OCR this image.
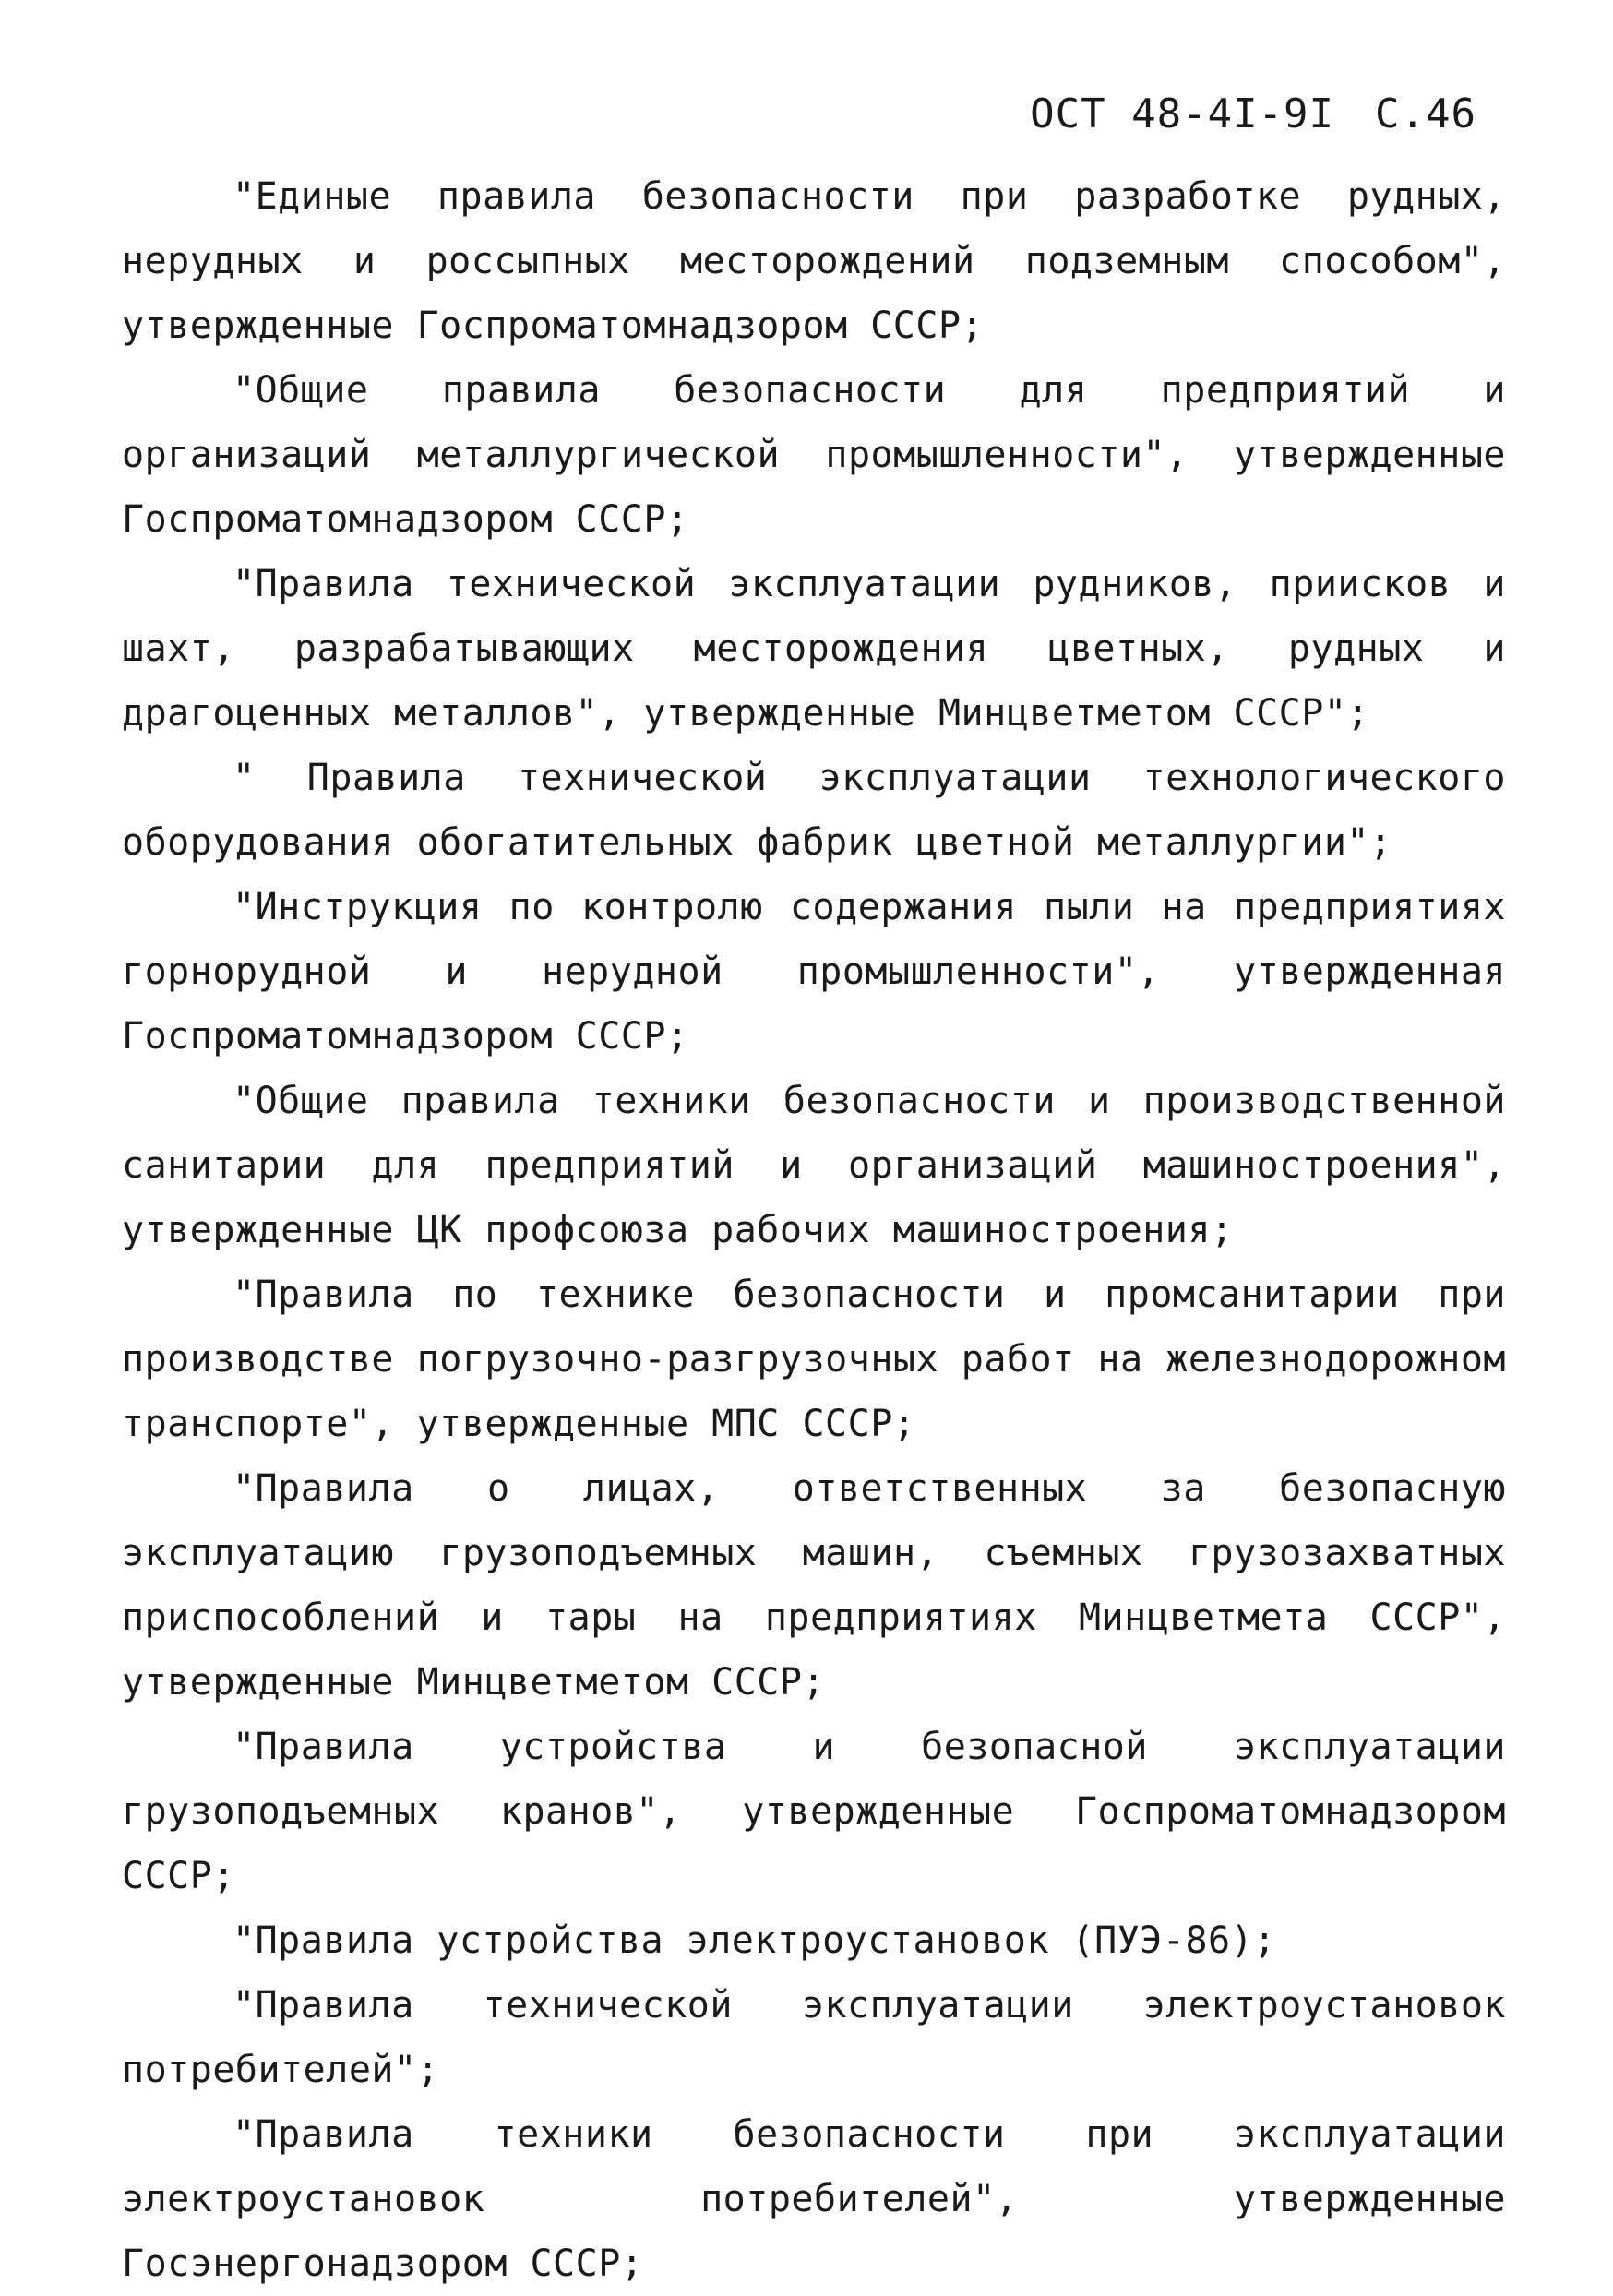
ОСТ 48-4I-9I С.46

"Единые правила безопасности при разработке рудных, нерудных и россыпных месторождений подземным способом", утвержденные Госпроматомнадзором СССР;

"Общие правила безопасности для предприятий и организаций металлургической промышленности", утвержденные Госпроматомнадзором СССР;

"Правила технической эксплуатации рудников, приисков и шахт, разрабатывающих месторождения цветных, рудных и драгоценных металлов", утвержденные Минцветметом СССР";

" Правила технической эксплуатации технологического оборудования обогатительных фабрик цветной металлургии";

"Инструкция по контролю содержания пыли на предприятиях горнорудной и нерудной промышленности", утвержденная Госпроматомнадзором СССР;

"Общие правила техники безопасности и производственной санитарии для предприятий и организаций машиностроения", утвержденные ЦК профсоюза рабочих машиностроения;

"Правила по технике безопасности и промсанитарии при производстве погрузочно-разгрузочных работ на железнодорожном транспорте", утвержденные МПС СССР;

"Правила о лицах, ответственных за безопасную эксплуатацию грузоподъемных машин, съемных грузозахватных приспособлений и тары на предприятиях Минцветмета СССР", утвержденные Минцветметом СССР;

"Правила устройства и безопасной эксплуатации грузоподъемных кранов", утвержденные Госпроматомнадзором СССР;

"Правила устройства электроустановок (ПУЭ-86);

"Правила технической эксплуатации электроустановок потребителей";

"Правила техники безопасности при эксплуатации электроустановок потребителей", утвержденные Госэнергонадзором СССР;
